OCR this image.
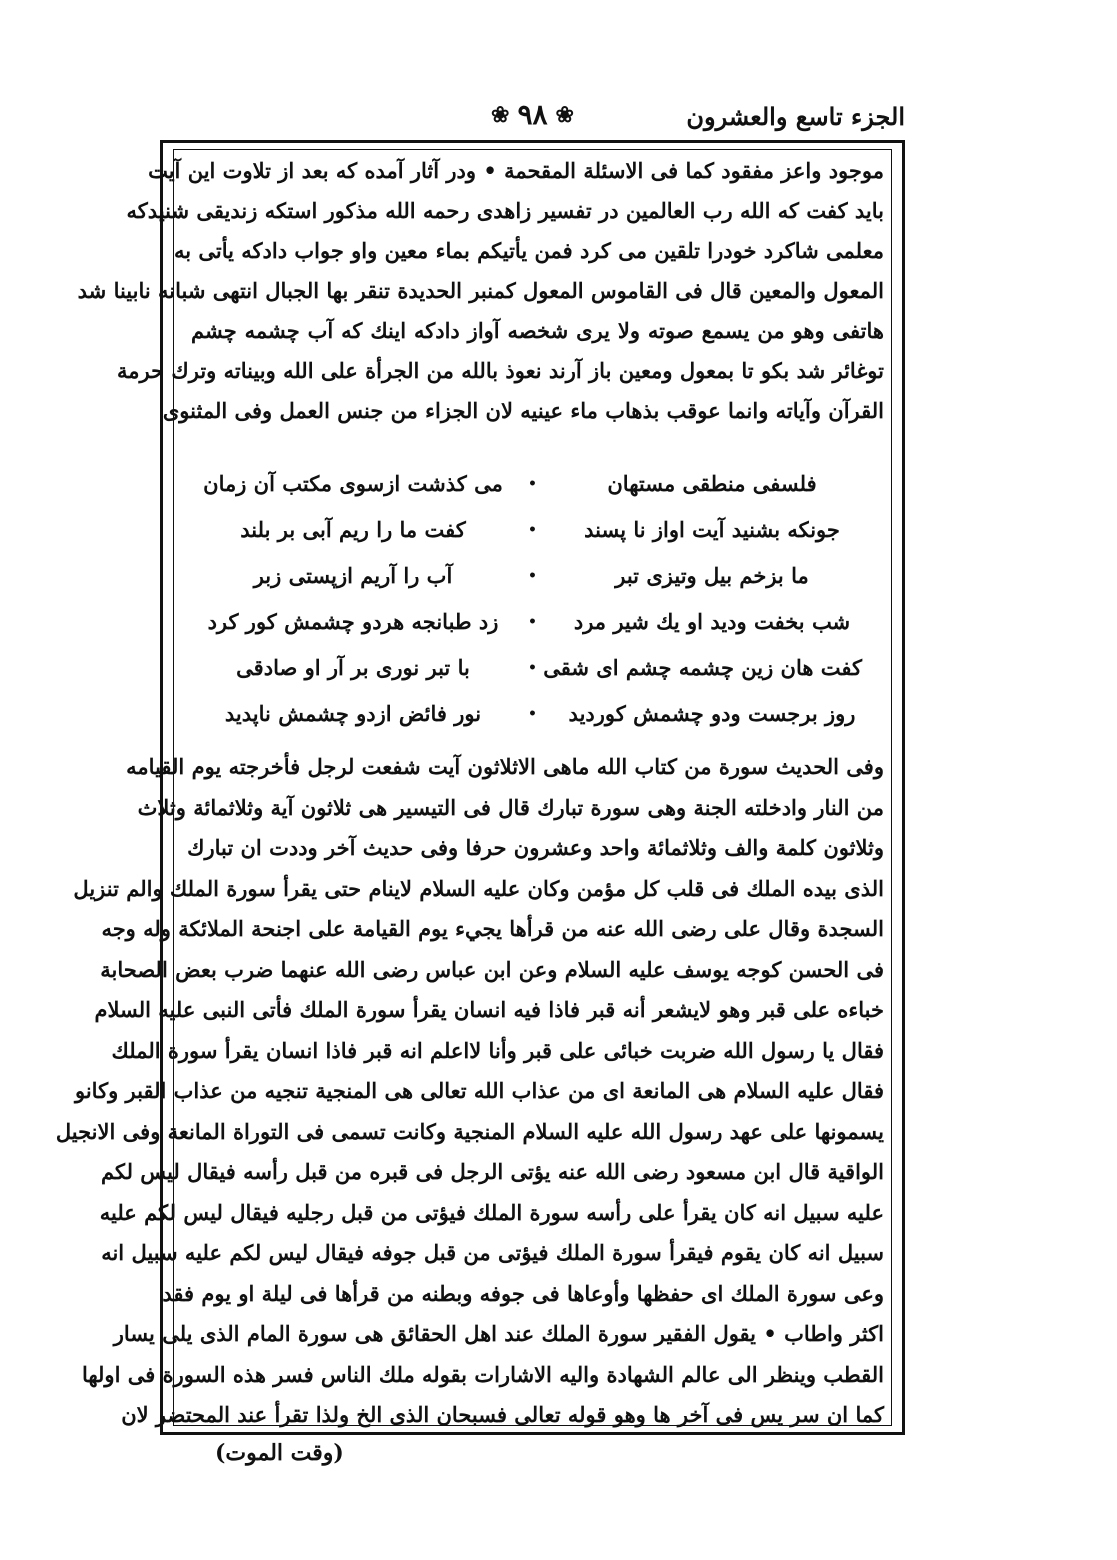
الجزء تاسع والعشرون
❀ ٩٨ ❀
موجود واعز مفقود كما فى الاسئلة المقحمة • ودر آثار آمده كه بعد از تلاوت اين آيت
بايد كفت كه الله رب العالمين در تفسير زاهدى رحمه الله مذكور استكه زنديقى شنيدكه
معلمى شاكرد خودرا تلقين مى كرد فمن يأتيكم بماء معين واو جواب دادكه يأتى به
المعول والمعين قال فى القاموس المعول كمنبر الحديدة تنقر بها الجبال انتهى شبانه نابينا شد
هاتفى وهو من يسمع صوته ولا يرى شخصه آواز دادكه اينك كه آب چشمه چشم
توغائر شد بكو تا بمعول ومعين باز آرند نعوذ بالله من الجرأة على الله وبيناته وترك حرمة
القرآن وآياته وانما عوقب بذهاب ماء عينيه لان الجزاء من جنس العمل وفى المثنوى
فلسفى منطقى مستهان
•
مى كذشت ازسوى مكتب آن زمان
جونكه بشنيد آيت اواز نا پسند
•
كفت ما را ريم آبى بر بلند
ما بزخم بيل وتيزى تبر
•
آب را آريم ازپستى زبر
شب بخفت وديد او يك شير مرد
•
زد طبانجه هردو چشمش كور كرد
كفت هان زين چشمه چشم اى شقى
•
با تبر نورى بر آر او صادقى
روز برجست ودو چشمش كورديد
•
نور فائض ازدو چشمش ناپديد
وفى الحديث سورة من كتاب الله ماهى الاثلاثون آيت شفعت لرجل فأخرجته يوم القيامه
من النار وادخلته الجنة وهى سورة تبارك قال فى التيسير هى ثلاثون آية وثلاثمائة وثلاث
وثلاثون كلمة والف وثلاثمائة واحد وعشرون حرفا وفى حديث آخر وددت ان تبارك
الذى بيده الملك فى قلب كل مؤمن وكان عليه السلام لاينام حتى يقرأ سورة الملك والم تنزيل
السجدة وقال على رضى الله عنه من قرأها يجيء يوم القيامة على اجنحة الملائكة وله وجه
فى الحسن كوجه يوسف عليه السلام وعن ابن عباس رضى الله عنهما ضرب بعض الصحابة
خباءه على قبر وهو لايشعر أنه قبر فاذا فيه انسان يقرأ سورة الملك فأتى النبى عليه السلام
فقال يا رسول الله ضربت خبائى على قبر وأنا لااعلم انه قبر فاذا انسان يقرأ سورة الملك
فقال عليه السلام هى المانعة اى من عذاب الله تعالى هى المنجية تنجيه من عذاب القبر وكانو
يسمونها على عهد رسول الله عليه السلام المنجية وكانت تسمى فى التوراة المانعة وفى الانجيل
الواقية قال ابن مسعود رضى الله عنه يؤتى الرجل فى قبره من قبل رأسه فيقال ليس لكم
عليه سبيل انه كان يقرأ على رأسه سورة الملك فيؤتى من قبل رجليه فيقال ليس لكم عليه
سبيل انه كان يقوم فيقرأ سورة الملك فيؤتى من قبل جوفه فيقال ليس لكم عليه سبيل انه
وعى سورة الملك اى حفظها وأوعاها فى جوفه وبطنه من قرأها فى ليلة او يوم فقد
اكثر واطاب • يقول الفقير سورة الملك عند اهل الحقائق هى سورة المام الذى يلى يسار
القطب وينظر الى عالم الشهادة واليه الاشارات بقوله ملك الناس فسر هذه السورة فى اولها
كما ان سر يس فى آخر ها وهو قوله تعالى فسبحان الذى الخ ولذا تقرأ عند المحتضر لان
(وقت الموت)
